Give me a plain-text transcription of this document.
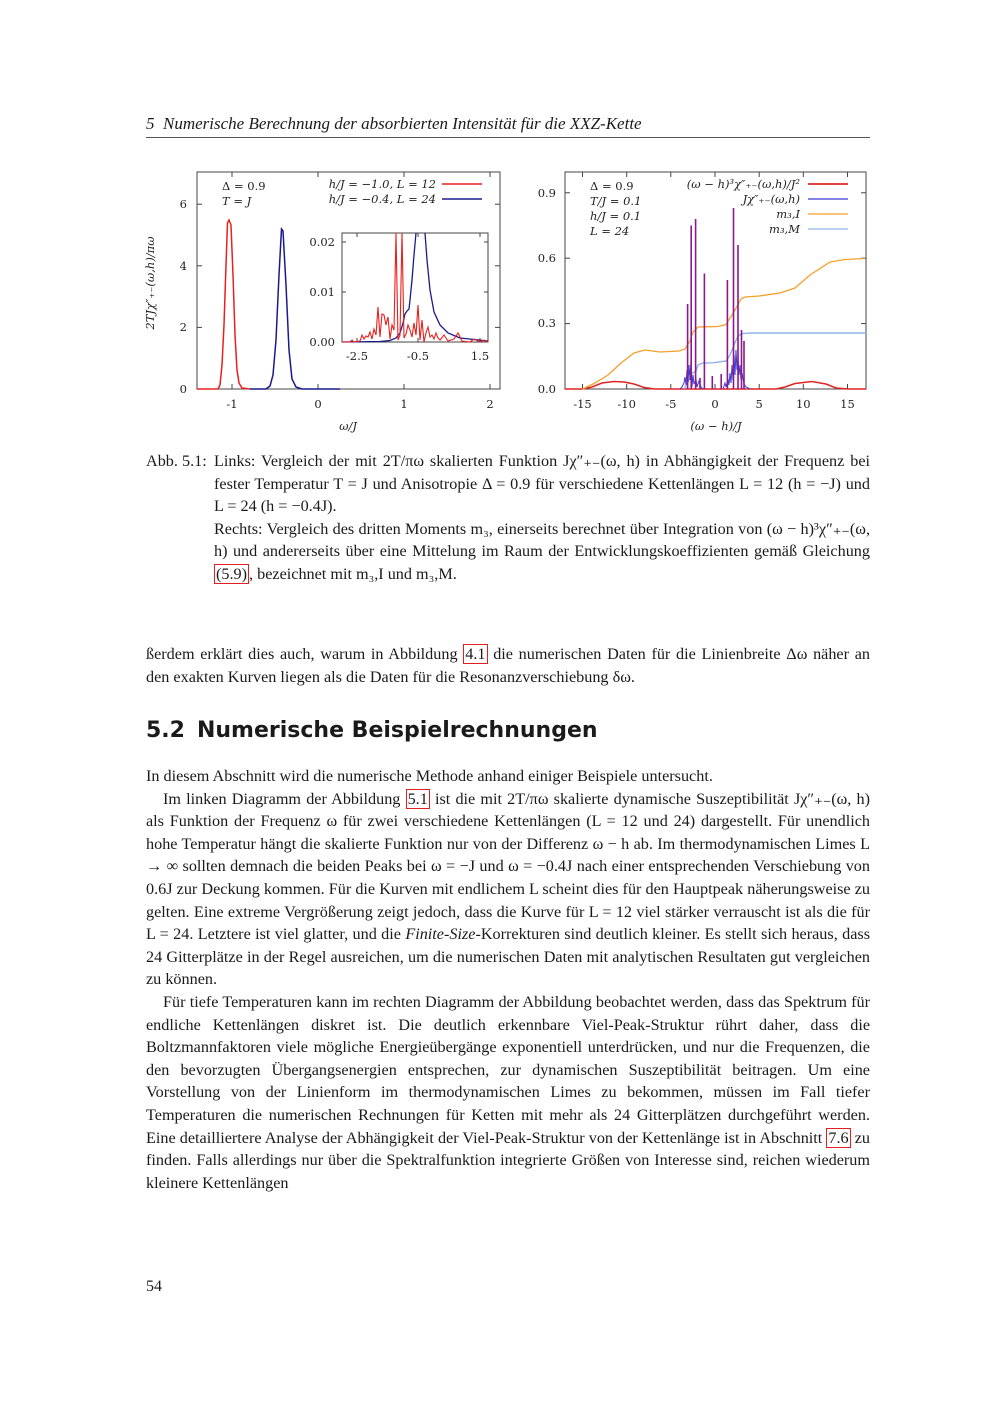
5 Numerische Berechnung der absorbierten Intensität für die XXZ-Kette
0
2
4
6
-1	0	1	2
ω/J
2TJχ″₊₋(ω,h)/πω
Δ = 0.9
T = J
h/J = −1.0, L = 12
h/J = −0.4, L = 24
0.00
0.01
0.02
-2.5	-0.5	1.5
0.0
0.3
0.6
0.9
-15 -10	-5	0	5	10	15
(ω − h)/J
Δ = 0.9
T/J = 0.1
h/J = 0.1
L = 24
(ω − h)³χ″₊₋(ω,h)/J²
Jχ″₊₋(ω,h)
m₃,I
m₃,M
Abb. 5.1: Links: Vergleich der mit 2T/πω skalierten Funktion Jχ″₊₋(ω, h) in Abhängigkeit der Frequenz bei fester Temperatur T = J und Anisotropie Δ = 0.9 für verschiedene Kettenlängen L = 12 (h = −J) und L = 24 (h = −0.4J).

Rechts: Vergleich des dritten Moments m₃, einerseits berechnet über Integration von (ω − h)³χ″₊₋(ω, h) und andererseits über eine Mittelung im Raum der Entwicklungskoeffizienten gemäß Gleichung (5.9) , bezeichnet mit m₃,I und m₃,M.

ßerdem erklärt dies auch, warum in Abbildung 4.1 die numerischen Daten für die Linienbreite Δω näher an den exakten Kurven liegen als die Daten für die Resonanzverschiebung δω.

5.2 Numerische Beispielrechnungen

In diesem Abschnitt wird die numerische Methode anhand einiger Beispiele untersucht.

Im linken Diagramm der Abbildung 5.1 ist die mit 2T/πω skalierte dynamische Suszeptibilität Jχ″₊₋(ω, h) als Funktion der Frequenz ω für zwei verschiedene Kettenlängen (L = 12 und 24) dargestellt. Für unendlich hohe Temperatur hängt die skalierte Funktion nur von der Differenz ω − h ab. Im thermodynamischen Limes L → ∞ sollten demnach die beiden Peaks bei ω = −J und ω = −0.4J nach einer entsprechenden Verschiebung von 0.6J zur Deckung kommen. Für die Kurven mit endlichem L scheint dies für den Hauptpeak näherungsweise zu gelten. Eine extreme Vergrößerung zeigt jedoch, dass die Kurve für L = 12 viel stärker verrauscht ist als die für L = 24. Letztere ist viel glatter, und die Finite-Size-Korrekturen sind deutlich kleiner. Es stellt sich heraus, dass 24 Gitterplätze in der Regel ausreichen, um die numerischen Daten mit analytischen Resultaten gut vergleichen zu können.

Für tiefe Temperaturen kann im rechten Diagramm der Abbildung beobachtet werden, dass das Spektrum für endliche Kettenlängen diskret ist. Die deutlich erkennbare Viel-Peak-Struktur rührt daher, dass die Boltzmannfaktoren viele mögliche Energieübergänge exponentiell unterdrücken, und nur die Frequenzen, die den bevorzugten Übergangsenergien entsprechen, zur dynamischen Suszeptibilität beitragen. Um eine Vorstellung von der Linienform im thermodynamischen Limes zu bekommen, müssen im Fall tiefer Temperaturen die numerischen Rechnungen für Ketten mit mehr als 24 Gitterplätzen durchgeführt werden. Eine detailliertere Analyse der Abhängigkeit der Viel-Peak-Struktur von der Kettenlänge ist in Abschnitt 7.6 zu finden. Falls allerdings nur über die Spektralfunktion integrierte Größen von Interesse sind, reichen wiederum kleinere Kettenlängen

54
